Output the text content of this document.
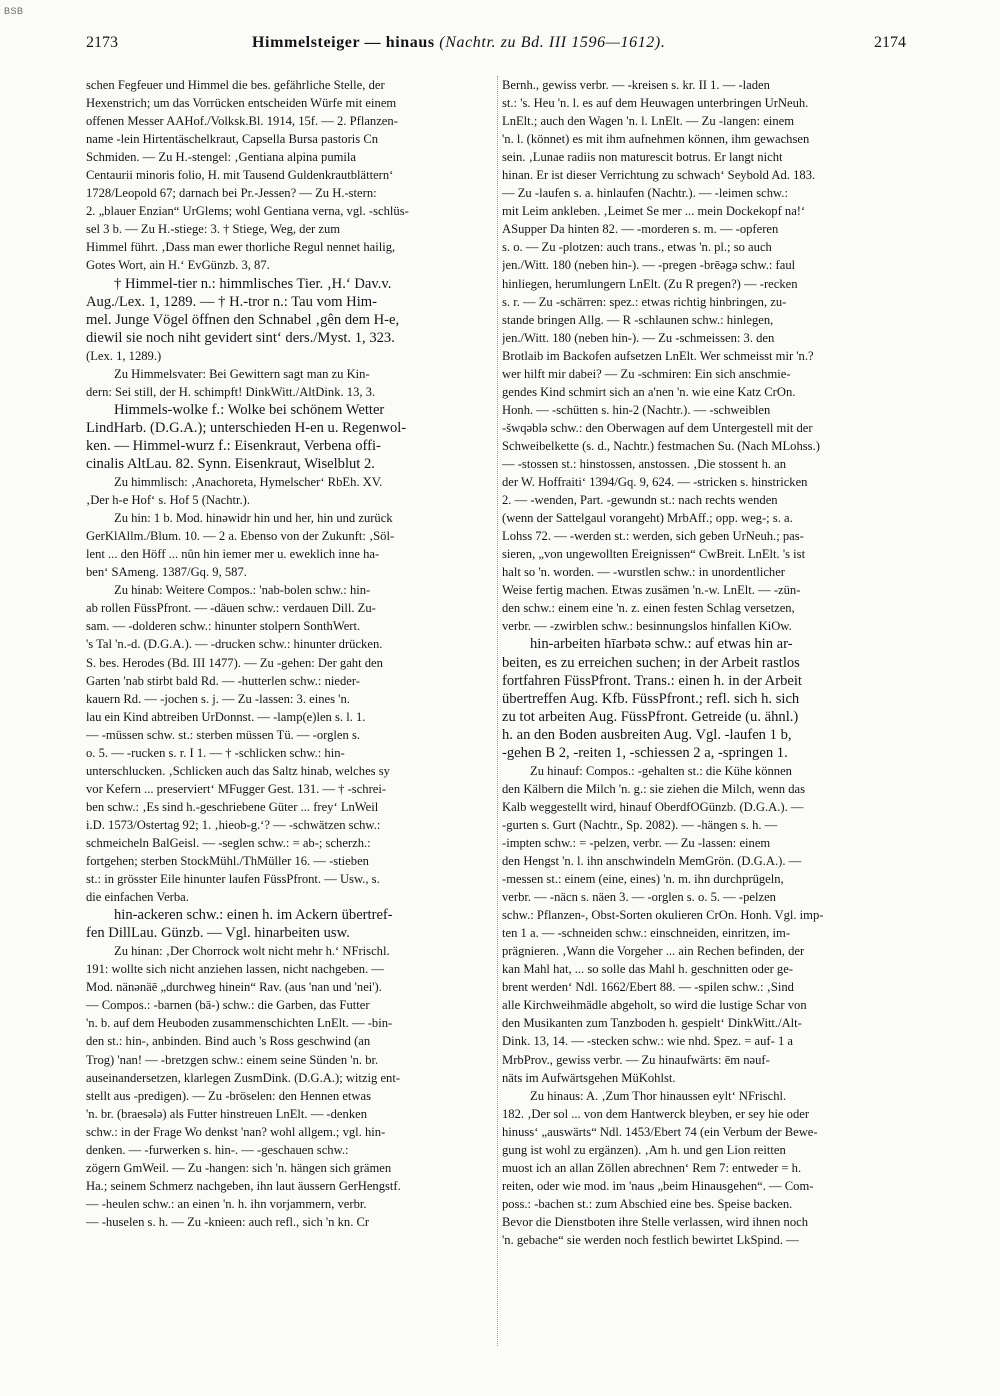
BSB
2173	Himmelsteiger — hinaus (Nachtr. zu Bd. III 1596—1612).	2174
schen Fegfeuer und Himmel die bes. gefährliche Stelle, der
Hexenstrich; um das Vorrücken entscheiden Würfe mit einem
offenen Messer AAHof./Volksk.Bl. 1914, 15f. — 2. Pflanzen-
name -lein Hirtentäschelkraut, Capsella Bursa pastoris Cn
Schmiden. — Zu H.-stengel: ‚Gentiana alpina pumila
Centaurii minoris folio, H. mit Tausend Guldenkrautblättern‘
1728/Leopold 67; darnach bei Pr.-Jessen? — Zu H.-stern:
2. „blauer Enzian“ UrGlems; wohl Gentiana verna, vgl. -schlüs-
sel 3 b. — Zu H.-stiege: 3. † Stiege, Weg, der zum
Himmel führt. ‚Dass man ewer thorliche Regul nennet hailig,
Gotes Wort, ain H.‘ EvGünzb. 3, 87.
† Himmel-tier n.: himmlisches Tier. ‚H.‘ Dav.v.
Aug./Lex. 1, 1289. — † H.-tror n.: Tau vom Him-
mel. Junge Vögel öffnen den Schnabel ‚gên dem H-e,
diewil sie noch niht gevidert sint‘ ders./Myst. 1, 323.
(Lex. 1, 1289.)
Zu Himmelsvater: Bei Gewittern sagt man zu Kin-
dern: Sei still, der H. schimpft! DinkWitt./AltDink. 13, 3.
Himmels-wolke f.: Wolke bei schönem Wetter
LindHarb. (D.G.A.); unterschieden H-en u. Regenwol-
ken. — Himmel-wurz f.: Eisenkraut, Verbena offi-
cinalis AltLau. 82. Synn. Eisenkraut, Wiselblut 2.
Zu himmlisch: ‚Anachoreta, Hymelscher‘ RbEh. XV.
‚Der h-e Hof‘ s. Hof 5 (Nachtr.).
Zu hin: 1 b. Mod. hinəwidr hin und her, hin und zurück
GerKlAllm./Blum. 10. — 2 a. Ebenso von der Zukunft: ‚Söl-
lent ... den Höff ... nûn hin iemer mer u. eweklich inne ha-
ben‘ SAmeng. 1387/Gq. 9, 587.
Zu hinab: Weitere Compos.: 'nab-bolen schw.: hin-
ab rollen FüssPfront. — -däuen schw.: verdauen Dill. Zu-
sam. — -dolderen schw.: hinunter stolpern SonthWert.
's Tal 'n.-d. (D.G.A.). — -drucken schw.: hinunter drücken.
S. bes. Herodes (Bd. III 1477). — Zu -gehen: Der gaht den
Garten 'nab stirbt bald Rd. — -hutterlen schw.: nieder-
kauern Rd. — -jochen s. j. — Zu -lassen: 3. eines 'n.
lau ein Kind abtreiben UrDonnst. — -lamp(e)len s. l. 1.
— -müssen schw. st.: sterben müssen Tü. — -orglen s.
o. 5. — -rucken s. r. I 1. — † -schlicken schw.: hin-
unterschlucken. ‚Schlicken auch das Saltz hinab, welches sy
vor Kefern ... preserviert‘ MFugger Gest. 131. — † -schrei-
ben schw.: ‚Es sind h.-geschriebene Güter ... frey‘ LnWeil
i.D. 1573/Ostertag 92; 1. ‚hieob-g.‘? — -schwätzen schw.:
schmeicheln BalGeisl. — -seglen schw.: = ab-; scherzh.:
fortgehen; sterben StockMühl./ThMüller 16. — -stieben
st.: in grösster Eile hinunter laufen FüssPfront. — Usw., s.
die einfachen Verba.
hin-ackeren schw.: einen h. im Ackern übertref-
fen DillLau. Günzb. — Vgl. hinarbeiten usw.
Zu hinan: ‚Der Chorrock wolt nicht mehr h.‘ NFrischl.
191: wollte sich nicht anziehen lassen, nicht nachgeben. —
Mod. nänənäē „durchweg hinein“ Rav. (aus 'nan und 'nei').
— Compos.: -barnen (bā-) schw.: die Garben, das Futter
'n. b. auf dem Heuboden zusammenschichten LnElt. — -bin-
den st.: hin-, anbinden. Bind auch 's Ross geschwind (an
Trog) 'nan! — -bretzgen schw.: einem seine Sünden 'n. br.
auseinandersetzen, klarlegen ZusmDink. (D.G.A.); witzig ent-
stellt aus -predigen). — Zu -bröselen: den Hennen etwas
'n. br. (braesələ) als Futter hinstreuen LnElt. — -denken
schw.: in der Frage Wo denkst 'nan? wohl allgem.; vgl. hin-
denken. — -furwerken s. hin-. — -geschauen schw.:
zögern GmWeil. — Zu -hangen: sich 'n. hängen sich grämen
Ha.; seinem Schmerz nachgeben, ihn laut äussern GerHengstf.
— -heulen schw.: an einen 'n. h. ihn vorjammern, verbr.
— -huselen s. h. — Zu -knieen: auch refl., sich 'n kn. Cr
Bernh., gewiss verbr. — -kreisen s. kr. II 1. — -laden
st.: 's. Heu 'n. l. es auf dem Heuwagen unterbringen UrNeuh.
LnElt.; auch den Wagen 'n. l. LnElt. — Zu -langen: einem
'n. l. (könnet) es mit ihm aufnehmen können, ihm gewachsen
sein. ‚Lunae radiis non maturescit botrus. Er langt nicht
hinan. Er ist dieser Verrichtung zu schwach‘ Seybold Ad. 183.
— Zu -laufen s. a. hinlaufen (Nachtr.). — -leimen schw.:
mit Leim ankleben. ‚Leimet Se mer ... mein Dockekopf na!‘
ASupper Da hinten 82. — -morderen s. m. — -opferen
s. o. — Zu -plotzen: auch trans., etwas 'n. pl.; so auch
jen./Witt. 180 (neben hin-). — -pregen -brēəgə schw.: faul
hinliegen, herumlungern LnElt. (Zu R pregen?) — -recken
s. r. — Zu -schärren: spez.: etwas richtig hinbringen, zu-
stande bringen Allg. — R -schlaunen schw.: hinlegen,
jen./Witt. 180 (neben hin-). — Zu -schmeissen: 3. den
Brotlaib im Backofen aufsetzen LnElt. Wer schmeisst mir 'n.?
wer hilft mir dabei? — Zu -schmiren: Ein sich anschmie-
gendes Kind schmirt sich an a'nen 'n. wie eine Katz CrOn.
Honh. — -schütten s. hin-2 (Nachtr.). — -schweiblen
-šwqəblə schw.: den Oberwagen auf dem Untergestell mit der
Schweibelkette (s. d., Nachtr.) festmachen Su. (Nach MLohss.)
— -stossen st.: hinstossen, anstossen. ‚Die stossent h. an
der W. Hoffraiti‘ 1394/Gq. 9, 624. — -stricken s. hinstricken
2. — -wenden, Part. -gewundn st.: nach rechts wenden
(wenn der Sattelgaul vorangeht) MrbAff.; opp. weg-; s. a.
Lohss 72. — -werden st.: werden, sich geben UrNeuh.; pas-
sieren, „von ungewollten Ereignissen“ CwBreit. LnElt. 's ist
halt so 'n. worden. — -wurstlen schw.: in unordentlicher
Weise fertig machen. Etwas zusämen 'n.-w. LnElt. — -zün-
den schw.: einem eine 'n. z. einen festen Schlag versetzen,
verbr. — -zwirblen schw.: besinnungslos hinfallen KiOw.
hin-arbeiten hīarbətə schw.: auf etwas hin ar-
beiten, es zu erreichen suchen; in der Arbeit rastlos
fortfahren FüssPfront. Trans.: einen h. in der Arbeit
übertreffen Aug. Kfb. FüssPfront.; refl. sich h. sich
zu tot arbeiten Aug. FüssPfront. Getreide (u. ähnl.)
h. an den Boden ausbreiten Aug. Vgl. -laufen 1 b,
-gehen B 2, -reiten 1, -schiessen 2 a, -springen 1.
Zu hinauf: Compos.: -gehalten st.: die Kühe können
den Kälbern die Milch 'n. g.: sie ziehen die Milch, wenn das
Kalb weggestellt wird, hinauf OberdfOGünzb. (D.G.A.). —
-gurten s. Gurt (Nachtr., Sp. 2082). — -hängen s. h. —
-impten schw.: = -pelzen, verbr. — Zu -lassen: einem
den Hengst 'n. l. ihn anschwindeln MemGrön. (D.G.A.). —
-messen st.: einem (eine, eines) 'n. m. ihn durchprügeln,
verbr. — -näcn s. näen 3. — -orglen s. o. 5. — -pelzen
schw.: Pflanzen-, Obst-Sorten okulieren CrOn. Honh. Vgl. imp-
ten 1 a. — -schneiden schw.: einschneiden, einritzen, im-
prägnieren. ‚Wann die Vorgeher ... ain Rechen befinden, der
kan Mahl hat, ... so solle das Mahl h. geschnitten oder ge-
brent werden‘ Ndl. 1662/Ebert 88. — -spilen schw.: ‚Sind
alle Kirchweihmädle abgeholt, so wird die lustige Schar von
den Musikanten zum Tanzboden h. gespielt‘ DinkWitt./Alt-
Dink. 13, 14. — -stecken schw.: wie nhd. Spez. = auf- 1 a
MrbProv., gewiss verbr. — Zu hinaufwärts: ēm nəuf-
näts im Aufwärtsgehen MüKohlst.
Zu hinaus: A. ‚Zum Thor hinaussen eylt‘ NFrischl.
182. ‚Der sol ... von dem Hantwerck bleyben, er sey hie oder
hinuss‘ „auswärts“ Ndl. 1453/Ebert 74 (ein Verbum der Bewe-
gung ist wohl zu ergänzen). ‚Am h. und gen Lion reitten
muost ich an allan Zöllen abrechnen‘ Rem 7: entweder = h.
reiten, oder wie mod. im 'naus „beim Hinausgehen“. — Com-
poss.: -bachen st.: zum Abschied eine bes. Speise backen.
Bevor die Dienstboten ihre Stelle verlassen, wird ihnen noch
'n. gebache“ sie werden noch festlich bewirtet LkSpind. —
